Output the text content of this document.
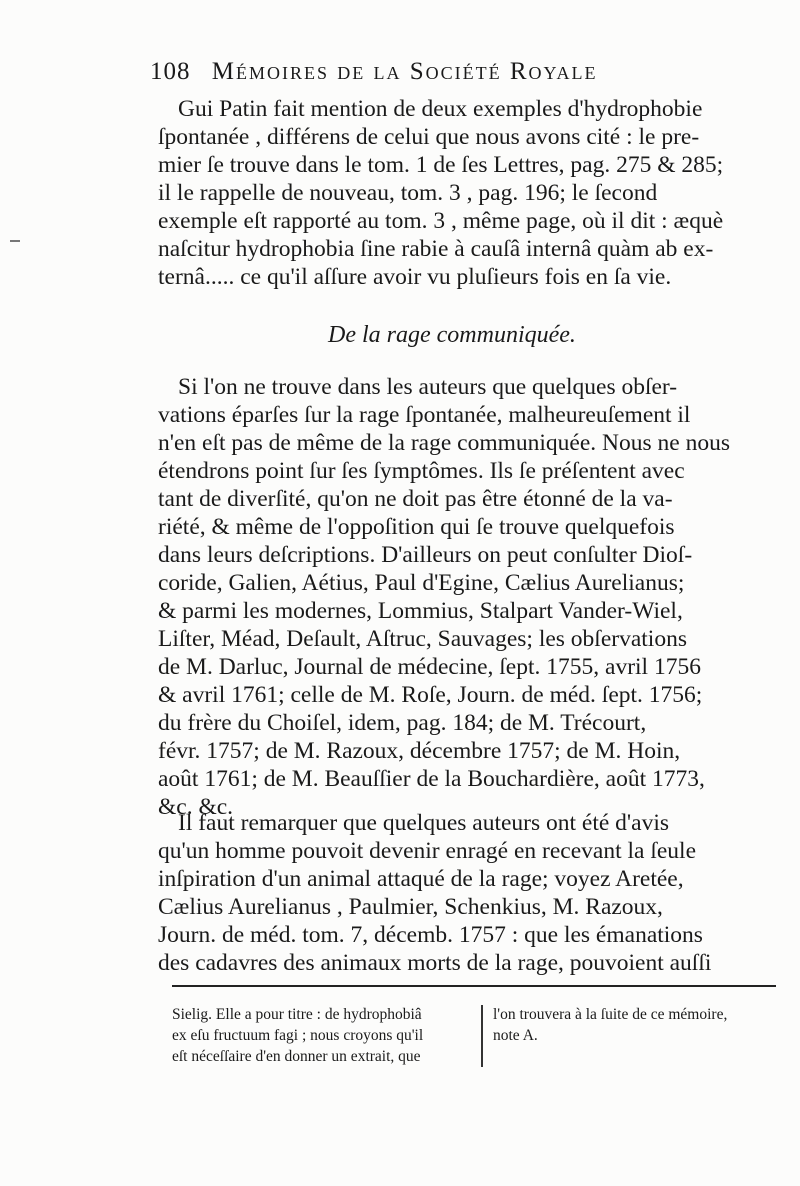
108 Mémoires de la Société Royale
Gui Patin fait mention de deux exemples d'hydrophobie
ſpontanée , différens de celui que nous avons cité : le pre-
mier ſe trouve dans le tom. 1 de ſes Lettres, pag. 275 & 285;
il le rappelle de nouveau, tom. 3 , pag. 196; le ſecond
exemple eſt rapporté au tom. 3 , même page, où il dit : æquè
naſcitur hydrophobia ſine rabie à cauſâ internâ quàm ab ex-
ternâ..... ce qu'il aſſure avoir vu pluſieurs fois en ſa vie.
De la rage communiquée.
Si l'on ne trouve dans les auteurs que quelques obſer-
vations éparſes ſur la rage ſpontanée, malheureuſement il
n'en eſt pas de même de la rage communiquée. Nous ne nous
étendrons point ſur ſes ſymptômes. Ils ſe préſentent avec
tant de diverſité, qu'on ne doit pas être étonné de la va-
riété, & même de l'oppoſition qui ſe trouve quelquefois
dans leurs deſcriptions. D'ailleurs on peut conſulter Dioſ-
coride, Galien, Aétius, Paul d'Egine, Cælius Aurelianus;
& parmi les modernes, Lommius, Stalpart Vander-Wiel,
Liſter, Méad, Deſault, Aſtruc, Sauvages; les obſervations
de M. Darluc, Journal de médecine, ſept. 1755, avril 1756
& avril 1761; celle de M. Roſe, Journ. de méd. ſept. 1756;
du frère du Choiſel, idem, pag. 184; de M. Trécourt,
févr. 1757; de M. Razoux, décembre 1757; de M. Hoin,
août 1761; de M. Beauſſier de la Bouchardière, août 1773,
&c. &c.
Il faut remarquer que quelques auteurs ont été d'avis
qu'un homme pouvoit devenir enragé en recevant la ſeule
inſpiration d'un animal attaqué de la rage; voyez Aretée,
Cælius Aurelianus , Paulmier, Schenkius, M. Razoux,
Journ. de méd. tom. 7, décemb. 1757 : que les émanations
des cadavres des animaux morts de la rage, pouvoient auſſi
Sielig. Elle a pour titre : de hydrophobiâ
ex eſu fructuum fagi ; nous croyons qu'il
eſt néceſſaire d'en donner un extrait, que
l'on trouvera à la ſuite de ce mémoire,
note A.
